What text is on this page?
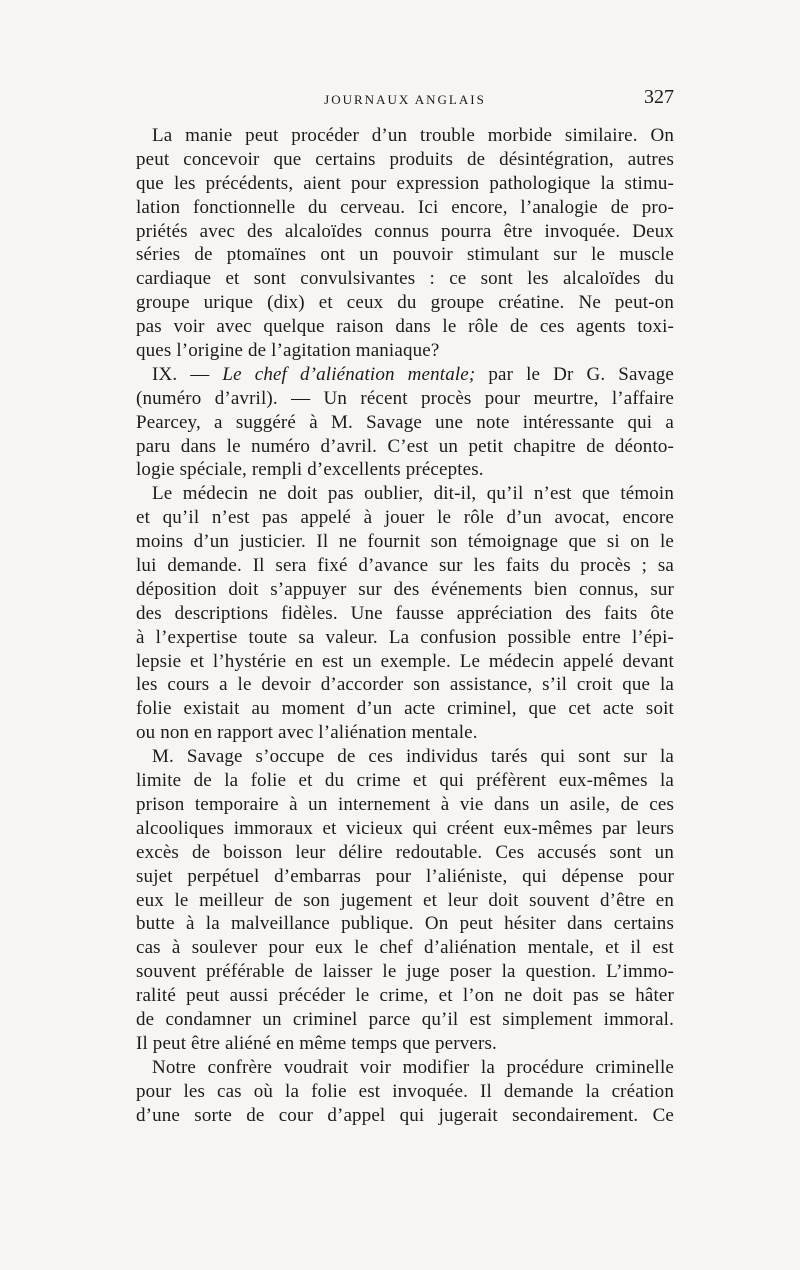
JOURNAUX ANGLAIS	327
La manie peut procéder d’un trouble morbide similaire. On
peut concevoir que certains produits de désintégration, autres
que les précédents, aient pour expression pathologique la stimu-
lation fonctionnelle du cerveau. Ici encore, l’analogie de pro-
priétés avec des alcaloïdes connus pourra être invoquée. Deux
séries de ptomaïnes ont un pouvoir stimulant sur le muscle
cardiaque et sont convulsivantes : ce sont les alcaloïdes du
groupe urique (dix) et ceux du groupe créatine. Ne peut-on
pas voir avec quelque raison dans le rôle de ces agents toxi-
ques l’origine de l’agitation maniaque?
IX. — Le chef d’aliénation mentale; par le Dr G. Savage
(numéro d’avril). — Un récent procès pour meurtre, l’affaire
Pearcey, a suggéré à M. Savage une note intéressante qui a
paru dans le numéro d’avril. C’est un petit chapitre de déonto-
logie spéciale, rempli d’excellents préceptes.
Le médecin ne doit pas oublier, dit-il, qu’il n’est que témoin
et qu’il n’est pas appelé à jouer le rôle d’un avocat, encore
moins d’un justicier. Il ne fournit son témoignage que si on le
lui demande. Il sera fixé d’avance sur les faits du procès ; sa
déposition doit s’appuyer sur des événements bien connus, sur
des descriptions fidèles. Une fausse appréciation des faits ôte
à l’expertise toute sa valeur. La confusion possible entre l’épi-
lepsie et l’hystérie en est un exemple. Le médecin appelé devant
les cours a le devoir d’accorder son assistance, s’il croit que la
folie existait au moment d’un acte criminel, que cet acte soit
ou non en rapport avec l’aliénation mentale.
M. Savage s’occupe de ces individus tarés qui sont sur la
limite de la folie et du crime et qui préfèrent eux-mêmes la
prison temporaire à un internement à vie dans un asile, de ces
alcooliques immoraux et vicieux qui créent eux-mêmes par leurs
excès de boisson leur délire redoutable. Ces accusés sont un
sujet perpétuel d’embarras pour l’aliéniste, qui dépense pour
eux le meilleur de son jugement et leur doit souvent d’être en
butte à la malveillance publique. On peut hésiter dans certains
cas à soulever pour eux le chef d’aliénation mentale, et il est
souvent préférable de laisser le juge poser la question. L’immo-
ralité peut aussi précéder le crime, et l’on ne doit pas se hâter
de condamner un criminel parce qu’il est simplement immoral.
Il peut être aliéné en même temps que pervers.
Notre confrère voudrait voir modifier la procédure criminelle
pour les cas où la folie est invoquée. Il demande la création
d’une sorte de cour d’appel qui jugerait secondairement. Ce
